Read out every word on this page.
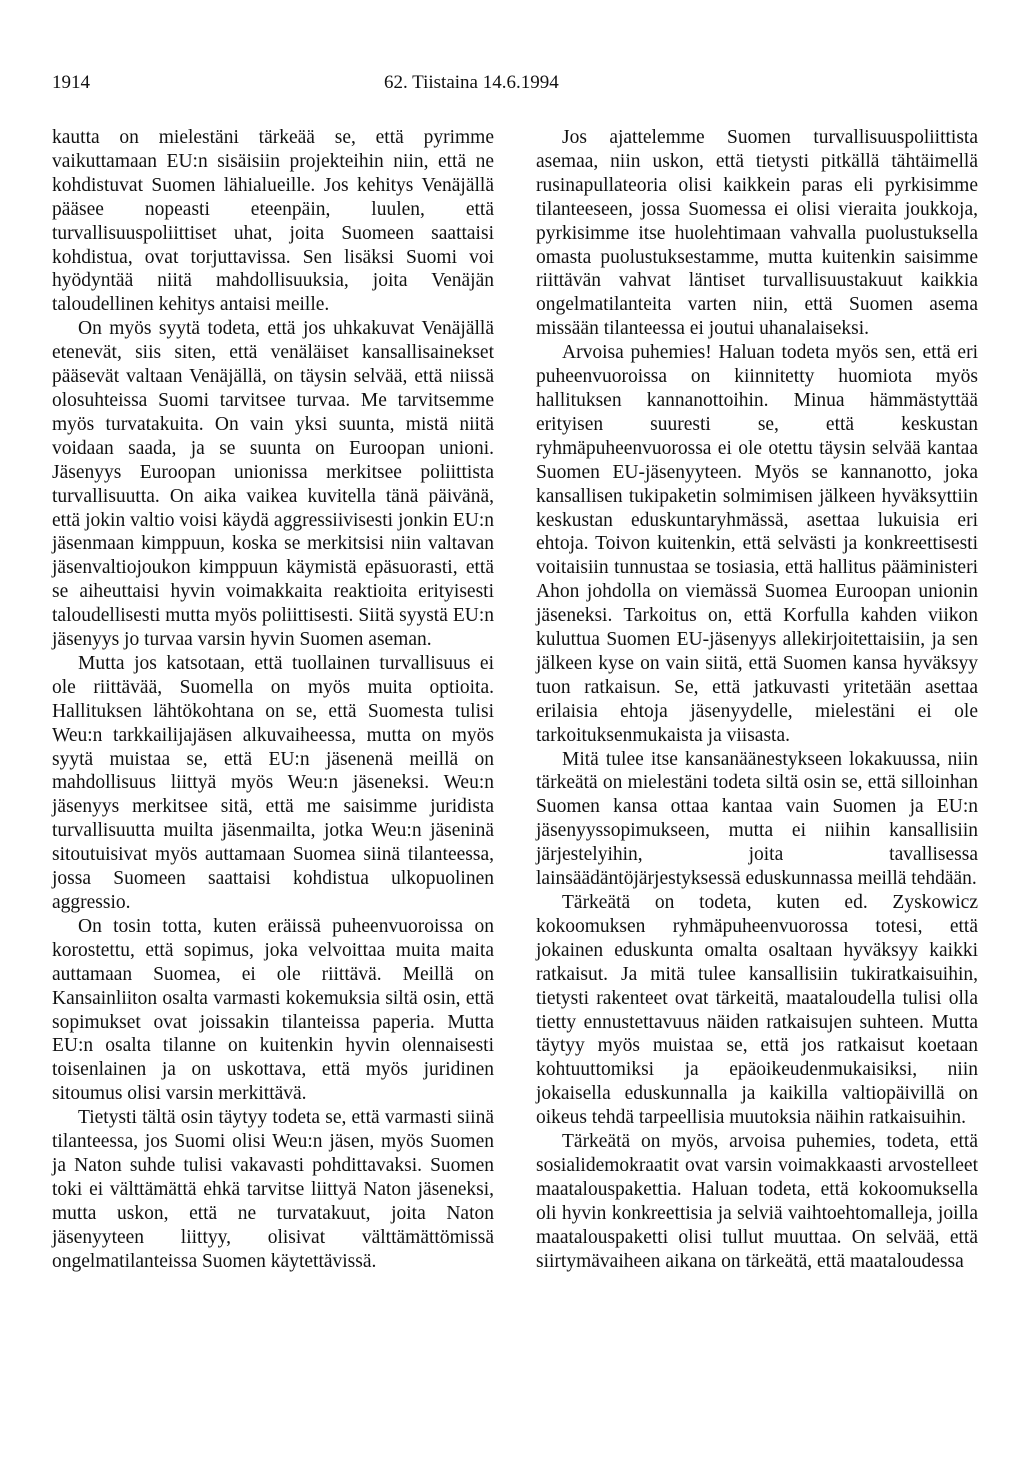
1914	62. Tiistaina 14.6.1994

kautta on mielestäni tärkeää se, että pyrimme vaikuttamaan EU:n sisäisiin projekteihin niin, että ne kohdistuvat Suomen lähialueille. Jos kehitys Venäjällä pääsee nopeasti eteenpäin, luulen, että turvallisuuspoliittiset uhat, joita Suomeen saattaisi kohdistua, ovat torjuttavissa. Sen lisäksi Suomi voi hyödyntää niitä mahdollisuuksia, joita Venäjän taloudellinen kehitys antaisi meille.

On myös syytä todeta, että jos uhkakuvat Venäjällä etenevät, siis siten, että venäläiset kansallisainekset pääsevät valtaan Venäjällä, on täysin selvää, että niissä olosuhteissa Suomi tarvitsee turvaa. Me tarvitsemme myös turvatakuita. On vain yksi suunta, mistä niitä voidaan saada, ja se suunta on Euroopan unioni. Jäsenyys Euroopan unionissa merkitsee poliittista turvallisuutta. On aika vaikea kuvitella tänä päivänä, että jokin valtio voisi käydä aggressiivisesti jonkin EU:n jäsenmaan kimppuun, koska se merkitsisi niin valtavan jäsenvaltiojoukon kimppuun käymistä epäsuorasti, että se aiheuttaisi hyvin voimakkaita reaktioita erityisesti taloudellisesti mutta myös poliittisesti. Siitä syystä EU:n jäsenyys jo turvaa varsin hyvin Suomen aseman.

Mutta jos katsotaan, että tuollainen turvallisuus ei ole riittävää, Suomella on myös muita optioita. Hallituksen lähtökohtana on se, että Suomesta tulisi Weu:n tarkkailijajäsen alkuvaiheessa, mutta on myös syytä muistaa se, että EU:n jäsenenä meillä on mahdollisuus liittyä myös Weu:n jäseneksi. Weu:n jäsenyys merkitsee sitä, että me saisimme juridista turvallisuutta muilta jäsenmailta, jotka Weu:n jäseninä sitoutuisivat myös auttamaan Suomea siinä tilanteessa, jossa Suomeen saattaisi kohdistua ulkopuolinen aggressio.

On tosin totta, kuten eräissä puheenvuoroissa on korostettu, että sopimus, joka velvoittaa muita maita auttamaan Suomea, ei ole riittävä. Meillä on Kansainliiton osalta varmasti kokemuksia siltä osin, että sopimukset ovat joissakin tilanteissa paperia. Mutta EU:n osalta tilanne on kuitenkin hyvin olennaisesti toisenlainen ja on uskottava, että myös juridinen sitoumus olisi varsin merkittävä.

Tietysti tältä osin täytyy todeta se, että varmasti siinä tilanteessa, jos Suomi olisi Weu:n jäsen, myös Suomen ja Naton suhde tulisi vakavasti pohdittavaksi. Suomen toki ei välttämättä ehkä tarvitse liittyä Naton jäseneksi, mutta uskon, että ne turvatakuut, joita Naton jäsenyyteen liittyy, olisivat välttämättömissä ongelmatilanteissa Suomen käytettävissä.

Jos ajattelemme Suomen turvallisuuspoliittista asemaa, niin uskon, että tietysti pitkällä tähtäimellä rusinapullateoria olisi kaikkein paras eli pyrkisimme tilanteeseen, jossa Suomessa ei olisi vieraita joukkoja, pyrkisimme itse huolehtimaan vahvalla puolustuksella omasta puolustuksestamme, mutta kuitenkin saisimme riittävän vahvat läntiset turvallisuustakuut kaikkia ongelmatilanteita varten niin, että Suomen asema missään tilanteessa ei joutui uhanalaiseksi.

Arvoisa puhemies! Haluan todeta myös sen, että eri puheenvuoroissa on kiinnitetty huomiota myös hallituksen kannanottoihin. Minua hämmästyttää erityisen suuresti se, että keskustan ryhmäpuheenvuorossa ei ole otettu täysin selvää kantaa Suomen EU-jäsenyyteen. Myös se kannanotto, joka kansallisen tukipaketin solmimisen jälkeen hyväksyttiin keskustan eduskuntaryhmässä, asettaa lukuisia eri ehtoja. Toivon kuitenkin, että selvästi ja konkreettisesti voitaisiin tunnustaa se tosiasia, että hallitus pääministeri Ahon johdolla on viemässä Suomea Euroopan unionin jäseneksi. Tarkoitus on, että Korfulla kahden viikon kuluttua Suomen EU-jäsenyys allekirjoitettaisiin, ja sen jälkeen kyse on vain siitä, että Suomen kansa hyväksyy tuon ratkaisun. Se, että jatkuvasti yritetään asettaa erilaisia ehtoja jäsenyydelle, mielestäni ei ole tarkoituksenmukaista ja viisasta.

Mitä tulee itse kansanäänestykseen lokakuussa, niin tärkeätä on mielestäni todeta siltä osin se, että silloinhan Suomen kansa ottaa kantaa vain Suomen ja EU:n jäsenyyssopimukseen, mutta ei niihin kansallisiin järjestelyihin, joita tavallisessa lainsäädäntöjärjestyksessä eduskunnassa meillä tehdään.

Tärkeätä on todeta, kuten ed. Zyskowicz kokoomuksen ryhmäpuheenvuorossa totesi, että jokainen eduskunta omalta osaltaan hyväksyy kaikki ratkaisut. Ja mitä tulee kansallisiin tukiratkaisuihin, tietysti rakenteet ovat tärkeitä, maataloudella tulisi olla tietty ennustettavuus näiden ratkaisujen suhteen. Mutta täytyy myös muistaa se, että jos ratkaisut koetaan kohtuuttomiksi ja epäoikeudenmukaisiksi, niin jokaisella eduskunnalla ja kaikilla valtiopäivillä on oikeus tehdä tarpeellisia muutoksia näihin ratkaisuihin.

Tärkeätä on myös, arvoisa puhemies, todeta, että sosialidemokraatit ovat varsin voimakkaasti arvostelleet maatalouspakettia. Haluan todeta, että kokoomuksella oli hyvin konkreettisia ja selviä vaihtoehtomalleja, joilla maatalouspaketti olisi tullut muuttaa. On selvää, että siirtymävaiheen aikana on tärkeätä, että maataloudessa
